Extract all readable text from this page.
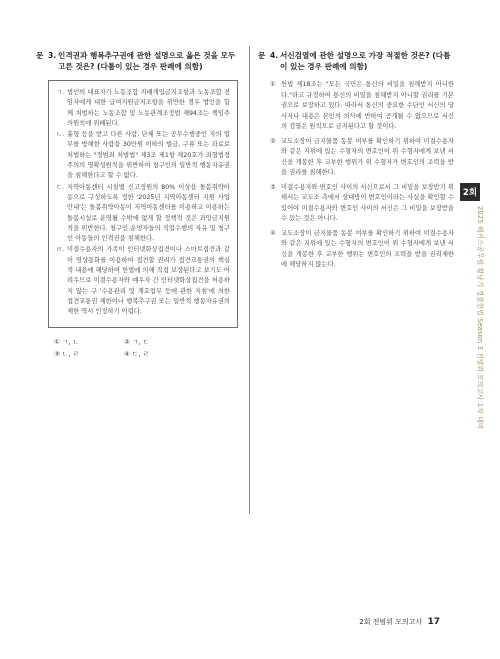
문 3. 인격권과 행복추구권에 관한 설명으로 옳은 것을 모두 고른 것은? (다툼이 있는 경우 판례에 의함)
ㄱ. 법인의 대표자가 노동조합 지배개입금지조항과 노동조합 전임자에게 대한 급여지원금지조항을 위반한 경우 법인을 함께 처벌하는 노동조합 및 노동관계조정법 제94조는 책임주의원칙에 위배된다.
ㄴ. 흉형 등을 받고 다른 사람, 단체 또는 공무수행중인 자의 업무를 방해한 사람을 30만원 이하의 벌금, 구류 또는 과료로 처벌하는 "경범죄 처벌법" 제3조 제1항 제20호가 죄형법정주의의 명확성원칙을 위반하여 청구인의 일반적 행동자유권을 침해한다고 할 수 없다.
ㄷ. 지역아동센터 시설별 신고정원의 80% 이상을 돌봄취약아동으로 구성하도록 정한 '2025년 지역아동센터 지원 사업안내'는 돌봄취약아동이 지역아동센터를 이용하고 이용하는 돌봄시설로 운영될 수밖에 없게 할 정책적 것은 과잉금지원칙을 위반한다. 청구인 운영자들의 직업수행의 자유 및 청구인 아동들의 인격권을 침해한다.
ㄹ. 미결수용자의 가족이 인터넷화상접견이나 스마트접견과 같이 영상통화를 이용하여 접견할 권리가 접견교통권의 핵심적 내용에 해당하여 헌법에 의해 직접 보장된다고 보기도 어려우므로 미결수용자와 예우자 간 인터넷화상접견을 허용하지 않는 구 '수용관리 및 계호업무 등에 관한 지침'에 의한 접견교통권 제한이나 행복추구권 또는 일반적 행동자유권의 제한 역시 인정하기 어렵다.
① ㄱ, ㄴ	② ㄱ, ㄷ
③ ㄴ, ㄹ	④ ㄷ, ㄹ
문 4. 서신검열에 관한 설명으로 가장 적절한 것은? (다툼이 있는 경우 판례에 의함)
① 헌법 제18조는 "모든 국민은 통신의 비밀을 침해받지 아니한다."라고 규정하여 통신의 비밀을 침해받지 아니할 권리를 기본권으로 보장하고 있다. 따라서 통신의 중요한 수단인 서신의 당사자나 내용은 본인의 의사에 반하여 공개될 수 없으므로 서신의 검열은 원칙으로 금지된다고 할 것이다.
② 교도소장이 금지물품 동봉 여부를 확인하기 위하여 미결수용자와 같은 지위에 있는 수형자의 변호인이 위 수형자에게 보낸 서신을 개봉한 후 교부한 행위가 위 수형자가 변호인의 조력을 받을 권리를 침해한다.
③ 미결수용자와 변호인 사이의 서신으로서 그 비밀을 보장받기 위해서는 교도소 측에서 상대방이 변호인이라는 사실을 확인할 수 있어야 미결수용자와 변호인 사이의 서신은 그 비밀을 보장받을 수 있는 것은 아니다.
④ 교도소장이 금지물품 동봉 여부를 확인하기 위하여 미결수용자와 같은 지위에 있는 수형자의 변호인이 위 수형자에게 보낸 서신을 개봉한 후 교부한 행위는 변호인의 조력을 받을 권리제한에 해당하지 않는다.
2회
2025 해커스공무원 황남기 경찰헌법 Season 3 전범위 모의고사 1차 대비
2회 전범위 모의고사 17
